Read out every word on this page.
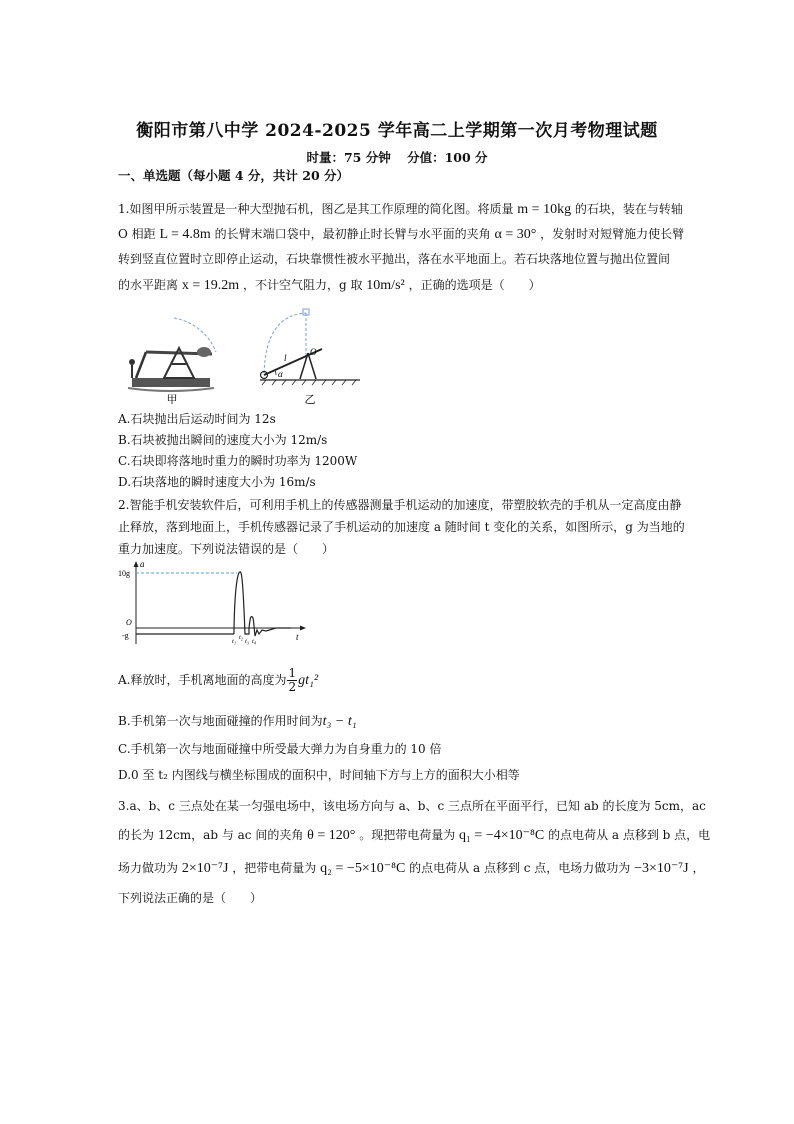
衡阳市第八中学 2024-2025 学年高二上学期第一次月考物理试题
时量：75 分钟 分值：100 分
一、单选题（每小题 4 分，共计 20 分）
1.如图甲所示装置是一种大型抛石机，图乙是其工作原理的简化图。将质量 m = 10kg 的石块，装在与转轴
O 相距 L = 4.8m 的长臂末端口袋中，最初静止时长臂与水平面的夹角 α = 30° ，发射时对短臂施力使长臂
转到竖直位置时立即停止运动，石块靠惯性被水平抛出，落在水平地面上。若石块落地位置与抛出位置间
的水平距离 x = 19.2m ，不计空气阻力，g 取 10m/s² ，正确的选项是（　　）
甲
α
l
O
乙
A.石块抛出后运动时间为 12s
B.石块被抛出瞬间的速度大小为 12m/s
C.石块即将落地时重力的瞬时功率为 1200W
D.石块落地的瞬时速度大小为 16m/s
2.智能手机安装软件后，可利用手机上的传感器测量手机运动的加速度，带塑胶软壳的手机从一定高度由静
止释放，落到地面上，手机传感器记录了手机运动的加速度 a 随时间 t 变化的关系，如图所示，g 为当地的
重力加速度。下列说法错误的是（　　）
10g
O
-g
a
t
t₁
t₂
t₃ t₄
A.释放时，手机离地面的高度为 $\frac{1}{2} gt_1^2$
B.手机第一次与地面碰撞的作用时间为t₃ − t₁
C.手机第一次与地面碰撞中所受最大弹力为自身重力的 10 倍
D.0 至 t₂ 内图线与横坐标围成的面积中，时间轴下方与上方的面积大小相等
3.a、b、c 三点处在某一匀强电场中，该电场方向与 a、b、c 三点所在平面平行，已知 ab 的长度为 5cm，ac
的长为 12cm，ab 与 ac 间的夹角 θ = 120° 。现把带电荷量为 q₁ = −4×10⁻⁸C 的点电荷从 a 点移到 b 点，电
场力做功为 2×10⁻⁷J ，把带电荷量为 q₂ = −5×10⁻⁸C 的点电荷从 a 点移到 c 点，电场力做功为 −3×10⁻⁷J ，
下列说法正确的是（　　）
